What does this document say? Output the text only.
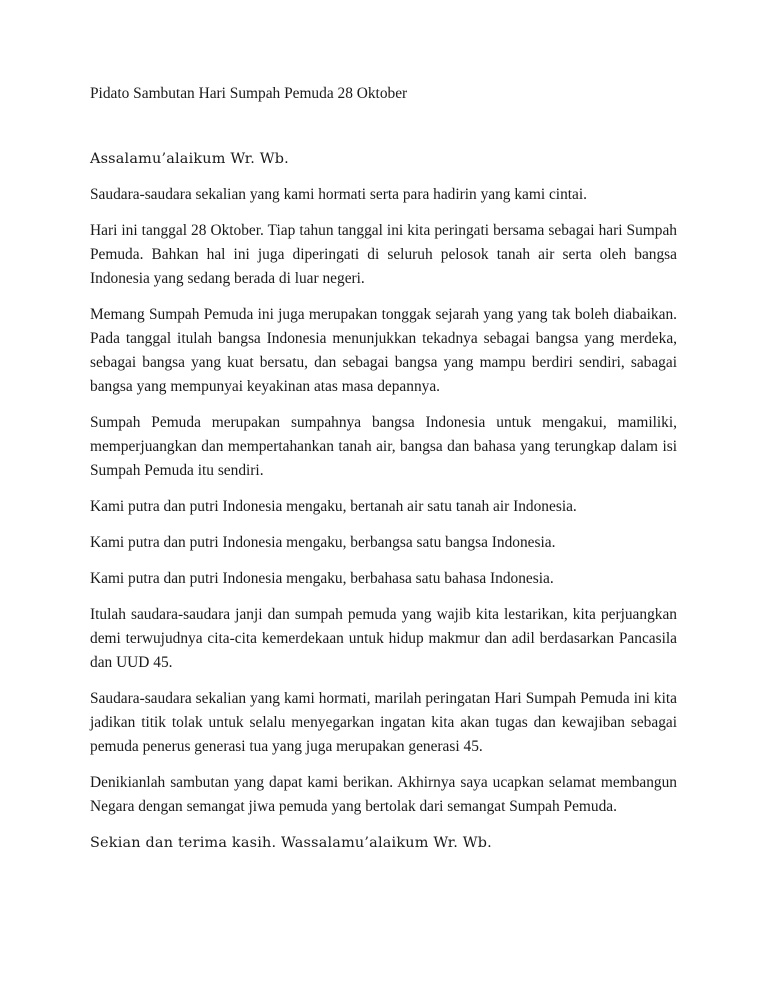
Pidato Sambutan Hari Sumpah Pemuda 28 Oktober

Assalamu’alaikum Wr. Wb.

Saudara-saudara sekalian yang kami hormati serta para hadirin yang kami cintai.

Hari ini tanggal 28 Oktober. Tiap tahun tanggal ini kita peringati bersama sebagai hari Sumpah Pemuda. Bahkan hal ini juga diperingati di seluruh pelosok tanah air serta oleh bangsa Indonesia yang sedang berada di luar negeri.

Memang Sumpah Pemuda ini juga merupakan tonggak sejarah yang yang tak boleh diabaikan. Pada tanggal itulah bangsa Indonesia menunjukkan tekadnya sebagai bangsa yang merdeka, sebagai bangsa yang kuat bersatu, dan sebagai bangsa yang mampu berdiri sendiri, sabagai bangsa yang mempunyai keyakinan atas masa depannya.

Sumpah Pemuda merupakan sumpahnya bangsa Indonesia untuk mengakui, mamiliki, memperjuangkan dan mempertahankan tanah air, bangsa dan bahasa yang terungkap dalam isi Sumpah Pemuda itu sendiri.

Kami putra dan putri Indonesia mengaku, bertanah air satu tanah air Indonesia.

Kami putra dan putri Indonesia mengaku, berbangsa satu bangsa Indonesia.

Kami putra dan putri Indonesia mengaku, berbahasa satu bahasa Indonesia.

Itulah saudara-saudara janji dan sumpah pemuda yang wajib kita lestarikan, kita perjuangkan demi terwujudnya cita-cita kemerdekaan untuk hidup makmur dan adil berdasarkan Pancasila dan UUD 45.

Saudara-saudara sekalian yang kami hormati, marilah peringatan Hari Sumpah Pemuda ini kita jadikan titik tolak untuk selalu menyegarkan ingatan kita akan tugas dan kewajiban sebagai pemuda penerus generasi tua yang juga merupakan generasi 45.

Denikianlah sambutan yang dapat kami berikan. Akhirnya saya ucapkan selamat membangun Negara dengan semangat jiwa pemuda yang bertolak dari semangat Sumpah Pemuda.

Sekian dan terima kasih. Wassalamu’alaikum Wr. Wb.
